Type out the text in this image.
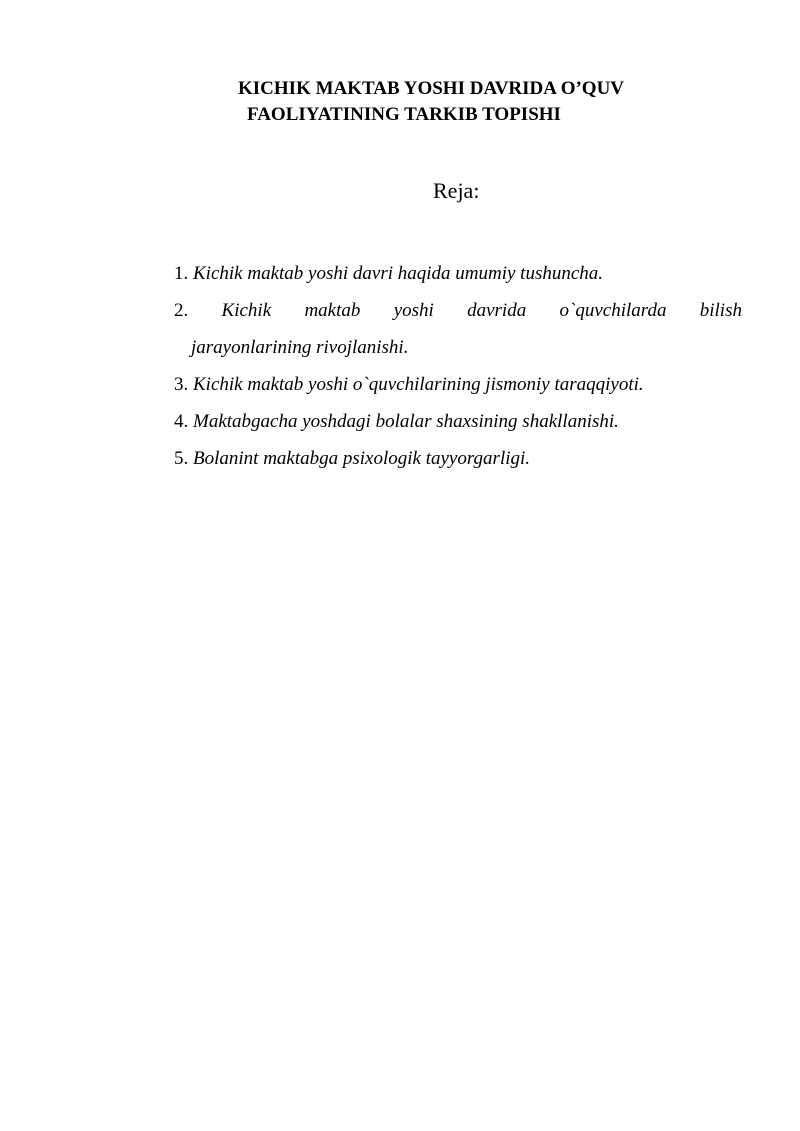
KICHIK MAKTAB YOSHI DAVRIDA O’QUV
FAOLIYATINING TARKIB TOPISHI
Reja:
1. Kichik maktab yoshi davri haqida umumiy tushuncha.
2. Kichik maktab yoshi davrida o`quvchilarda bilish
jarayonlarining rivojlanishi.
3. Kichik maktab yoshi o`quvchilarining jismoniy taraqqiyoti.
4. Maktabgacha yoshdagi bolalar shaxsining shakllanishi.
5. Bolanint maktabga psixologik tayyorgarligi.
